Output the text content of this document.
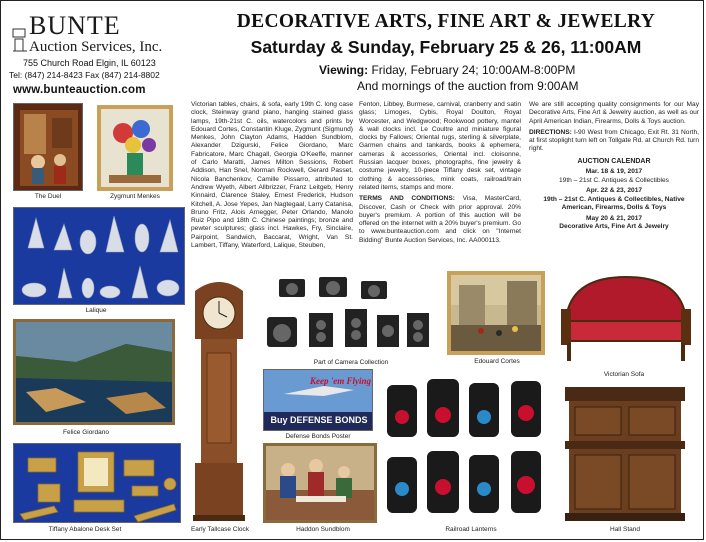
BUNTE
Auction Services, Inc.
755 Church Road Elgin, IL 60123
Tel: (847) 214-8423 Fax (847) 214-8802
www.bunteauction.com
DECORATIVE ARTS, FINE ART & JEWELRY
Saturday & Sunday, February 25 & 26, 11:00AM
Viewing: Friday, February 24; 10:00AM-8:00PM
And mornings of the auction from 9:00AM

Victorian tables, chairs, & sofa, early 19th C. long case clock, Steinway grand piano, hanging stained glass lamps, 19th-21st C. oils, watercolors and prints by Edouard Cortes, Constantin Kluge, Zygmunt (Sigmund) Menkes, John Clayton Adams, Hadden Sundblom, Alexander Dzigurski, Felice Giordano, Marc Fabricatore, Marc Chagall, Georgia O'Keeffe, manner of Carlo Maratti, James Milton Sessions, Robert Addison, Han Snel, Norman Rockwell, Gerard Passet, Nicola Banchenkov, Camille Pissarro, attributed to Andrew Wyeth, Albert Allbrizzer, Franz Leitgeb, Henry Kinnaird, Clarence Staley, Ernest Frederick, Hudson Kitchell, A. Jose Yepes, Jan Nagtegaal, Larry Catanisa, Bruno Fritz, Alois Arnegger, Peter Orlando, Manolo Ruiz Pipo and 18th C. Chinese paintings; bronze and pewter sculptures; glass incl. Hawkes, Fry, Sinclaire, Pairpoint, Sandwich, Baccarat, Wright, Van St. Lambert, Tiffany, Waterford, Lalique, Steuben,

Fenton, Libbey, Burmese, carnival, cranberry and satin glass; Limoges, Cybis, Royal Doulton, Royal Worcester, and Wedgwood; Rookwood pottery, mantel & wall clocks incl. Le Coultre and miniature figural clocks by Fallows; Oriental rugs, sterling & silverplate, Garmen chains and tankards, books & ephemera, cameras & accessories, Oriental incl. cloisonne, Russian lacquer boxes, photographs, fine jewelry & costume jewelry, 10-piece Tiffany desk set, vintage clothing & accessories, mink coats, railroad/train related items, stamps and more.

TERMS AND CONDITIONS: Visa, MasterCard, Discover, Cash or Check with prior approval. 20% buyer's premium. A portion of this auction will be offered on the internet with a 20% buyer's premium. Go to www.bunteauction.com and click on "Internet Bidding" Bunte Auction Services, Inc. AA000113.

We are still accepting quality consignments for our May Decorative Arts, Fine Art & Jewelry auction, as well as our April American Indian, Firearms, Dolls & Toys auction.

DIRECTIONS: I-90 West from Chicago, Exit Rt. 31 North, at first stoplight turn left on Tollgate Rd. at Church Rd. turn right.

AUCTION CALENDAR
Mar. 18 & 19, 2017
19th – 21st C. Antiques & Collectibles
Apr. 22 & 23, 2017
19th – 21st C. Antiques & Collectibles, Native American, Firearms, Dolls & Toys
May 20 & 21, 2017
Decorative Arts, Fine Art & Jewelry
The Duel	Zygmunt Menkes
Lalique
Felice Giordano
Tiffany Abalone Desk Set	Early Tallcase Clock
Part of Camera Collection	Edouard Cortes
Victorian Sofa
Keep 'em Flying
Buy DEFENSE BONDS
Defense Bonds Poster
Haddon Sundblom	Railroad Lanterns	Hall Stand
